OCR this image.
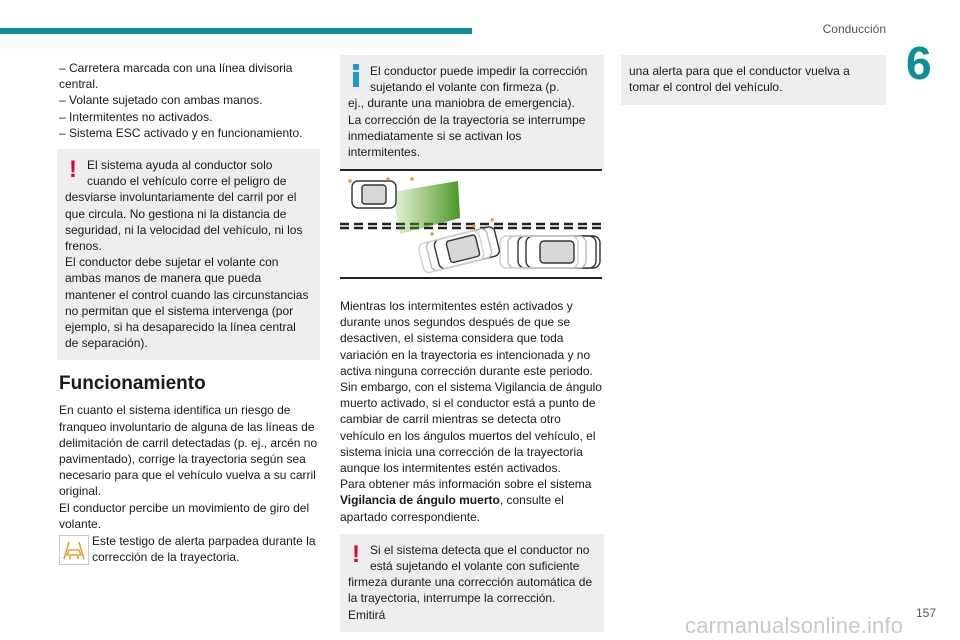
Conducción
6

– Carretera marcada con una línea divisoria central.

– Volante sujetado con ambas manos.

– Intermitentes no activados.

– Sistema ESC activado y en funcionamiento.

! El sistema ayuda al conductor solo cuando el vehículo corre el peligro de

desviarse involuntariamente del carril por el que circula. No gestiona ni la distancia de seguridad, ni la velocidad del vehículo, ni los frenos.

El conductor debe sujetar el volante con ambas manos de manera que pueda mantener el control cuando las circunstancias no permitan que el sistema intervenga (por ejemplo, si ha desaparecido la línea central de separación).

Funcionamiento

En cuanto el sistema identifica un riesgo de franqueo involuntario de alguna de las líneas de delimitación de carril detectadas (p. ej., arcén no pavimentado), corrige la trayectoria según sea necesario para que el vehículo vuelva a su carril original.

El conductor percibe un movimiento de giro del volante.

Este testigo de alerta parpadea durante la corrección de la trayectoria.

El conductor puede impedir la corrección sujetando el volante con firmeza (p.

ej., durante una maniobra de emergencia).

La corrección de la trayectoria se interrumpe inmediatamente si se activan los intermitentes.

Mientras los intermitentes estén activados y durante unos segundos después de que se desactiven, el sistema considera que toda variación en la trayectoria es intencionada y no activa ninguna corrección durante este periodo.

Sin embargo, con el sistema Vigilancia de ángulo muerto activado, si el conductor está a punto de cambiar de carril mientras se detecta otro vehículo en los ángulos muertos del vehículo, el sistema inicia una corrección de la trayectoria aunque los intermitentes estén activados.

Para obtener más información sobre el sistema Vigilancia de ángulo muerto, consulte el apartado correspondiente.

! Si el sistema detecta que el conductor no está sujetando el volante con suficiente

firmeza durante una corrección automática de la trayectoria, interrumpe la corrección. Emitirá

una alerta para que el conductor vuelva a tomar el control del vehículo.

carmanualsonline.info 157
